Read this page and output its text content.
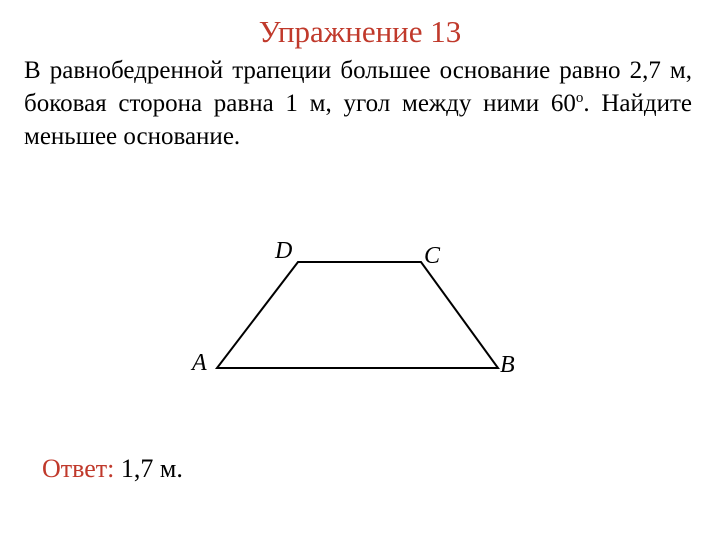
Упражнение 13
В равнобедренной трапеции большее основание равно 2,7 м, боковая сторона равна 1 м, угол между ними $60^о$. Найдите меньшее основание.
A	B
C
D
Ответ: 1,7 м.
